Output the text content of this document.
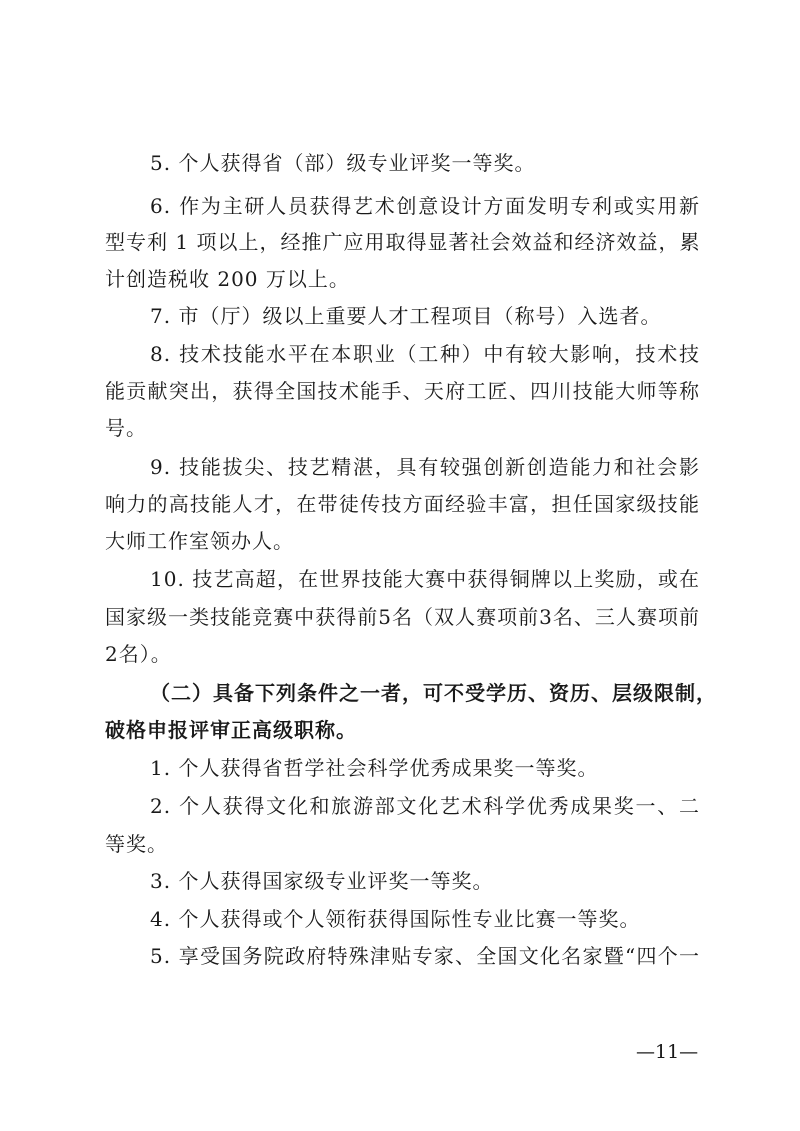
5. 个人获得省（部）级专业评奖一等奖。
6. 作为主研人员获得艺术创意设计方面发明专利或实用新
型专利 1 项以上，经推广应用取得显著社会效益和经济效益，累
计创造税收 200 万以上。
7. 市（厅）级以上重要人才工程项目（称号）入选者。
8. 技术技能水平在本职业（工种）中有较大影响，技术技
能贡献突出，获得全国技术能手、天府工匠、四川技能大师等称
号。
9. 技能拔尖、技艺精湛，具有较强创新创造能力和社会影
响力的高技能人才，在带徒传技方面经验丰富，担任国家级技能
大师工作室领办人。
10. 技艺高超，在世界技能大赛中获得铜牌以上奖励，或在
国家级一类技能竞赛中获得前5名（双人赛项前3名、三人赛项前
2名）。
（二）具备下列条件之一者，可不受学历、资历、层级限制，
破格申报评审正高级职称。
1. 个人获得省哲学社会科学优秀成果奖一等奖。
2. 个人获得文化和旅游部文化艺术科学优秀成果奖一、二
等奖。
3. 个人获得国家级专业评奖一等奖。
4. 个人获得或个人领衔获得国际性专业比赛一等奖。
5. 享受国务院政府特殊津贴专家、全国文化名家暨“四个一
—11—
